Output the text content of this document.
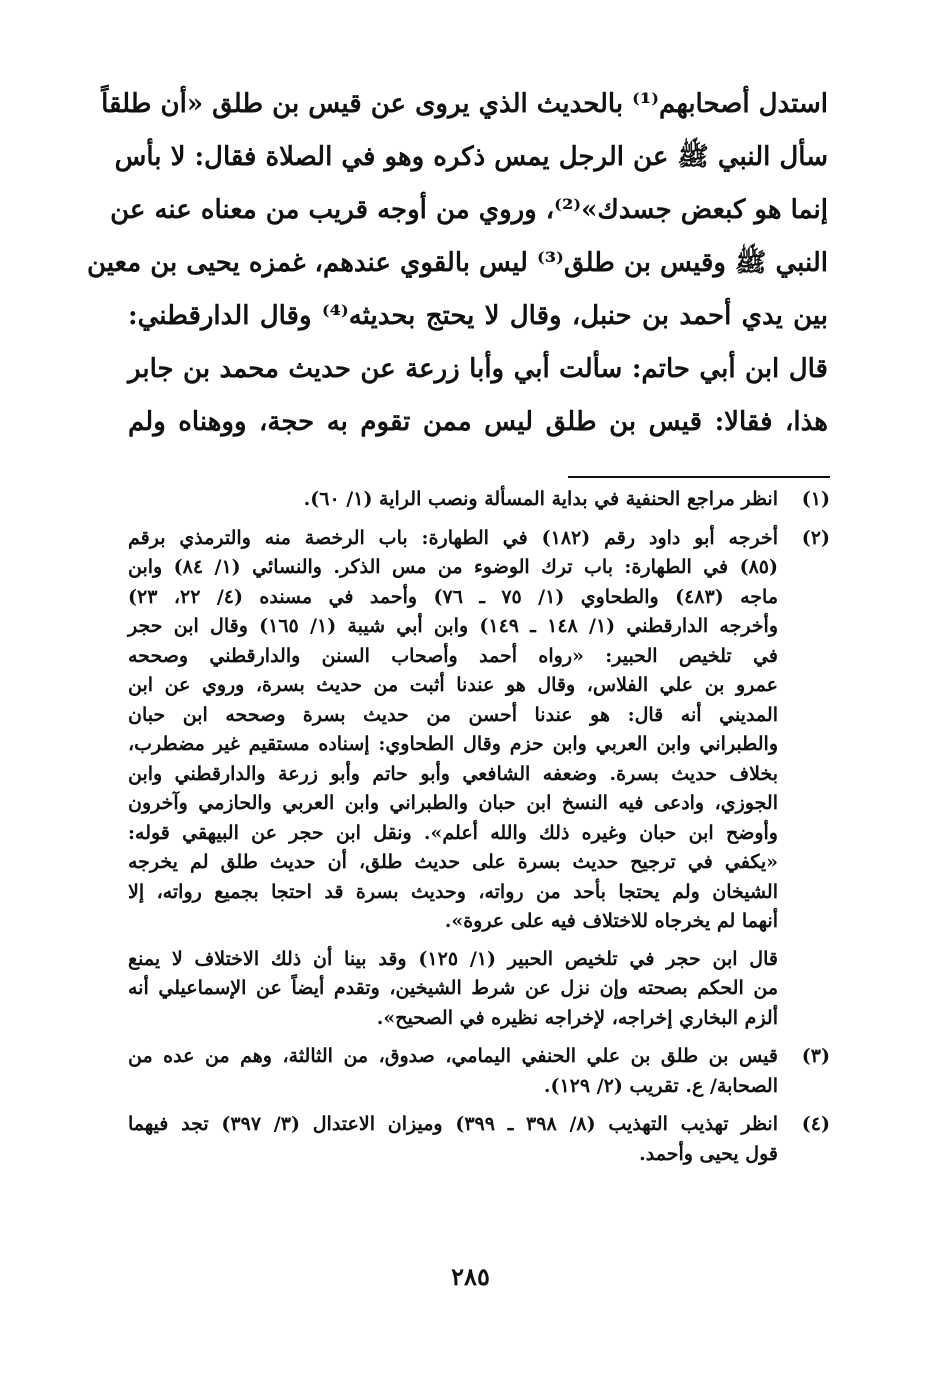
استدل أصحابهم⁽¹⁾ بالحديث الذي يروى عن قيس بن طلق «أن طلقاً
سأل النبي ﷺ عن الرجل يمس ذكره وهو في الصلاة فقال: لا بأس
إنما هو كبعض جسدك»⁽²⁾، وروي من أوجه قريب من معناه عنه عن
النبي ﷺ وقيس بن طلق⁽³⁾ ليس بالقوي عندهم، غمزه يحيى بن معين
بين يدي أحمد بن حنبل، وقال لا يحتج بحديثه⁽⁴⁾ وقال الدارقطني:
قال ابن أبي حاتم: سألت أبي وأبا زرعة عن حديث محمد بن جابر
هذا، فقالا: قيس بن طلق ليس ممن تقوم به حجة، ووهناه ولم
(١)
انظر مراجع الحنفية في بداية المسألة ونصب الراية (١/ ٦٠).
(٢)
أخرجه أبو داود رقم (١٨٢) في الطهارة: باب الرخصة منه والترمذي برقم
(٨٥) في الطهارة: باب ترك الوضوء من مس الذكر. والنسائي (١/ ٨٤) وابن
ماجه (٤٨٣) والطحاوي (١/ ٧٥ ـ ٧٦) وأحمد في مسنده (٤/ ٢٢، ٢٣)
وأخرجه الدارقطني (١/ ١٤٨ ـ ١٤٩) وابن أبي شيبة (١/ ١٦٥) وقال ابن حجر
في تلخيص الحبير: «رواه أحمد وأصحاب السنن والدارقطني وصححه
عمرو بن علي الفلاس، وقال هو عندنا أثبت من حديث بسرة، وروي عن ابن
المديني أنه قال: هو عندنا أحسن من حديث بسرة وصححه ابن حبان
والطبراني وابن العربي وابن حزم وقال الطحاوي: إسناده مستقيم غير مضطرب،
بخلاف حديث بسرة. وضعفه الشافعي وأبو حاتم وأبو زرعة والدارقطني وابن
الجوزي، وادعى فيه النسخ ابن حبان والطبراني وابن العربي والحازمي وآخرون
وأوضح ابن حبان وغيره ذلك والله أعلم». ونقل ابن حجر عن البيهقي قوله:
«يكفي في ترجيح حديث بسرة على حديث طلق، أن حديث طلق لم يخرجه
الشيخان ولم يحتجا بأحد من رواته، وحديث بسرة قد احتجا بجميع رواته، إلا
أنهما لم يخرجاه للاختلاف فيه على عروة».
قال ابن حجر في تلخيص الحبير (١/ ١٢٥) وقد بينا أن ذلك الاختلاف لا يمنع
من الحكم بصحته وإن نزل عن شرط الشيخين، وتقدم أيضاً عن الإسماعيلي أنه
ألزم البخاري إخراجه، لإخراجه نظيره في الصحيح».
(٣)
قيس بن طلق بن علي الحنفي اليمامي، صدوق، من الثالثة، وهم من عده من
الصحابة/ ع. تقريب (٢/ ١٢٩).
(٤)
انظر تهذيب التهذيب (٨/ ٣٩٨ ـ ٣٩٩) وميزان الاعتدال (٣/ ٣٩٧) تجد فيهما
قول يحيى وأحمد.
٢٨٥
